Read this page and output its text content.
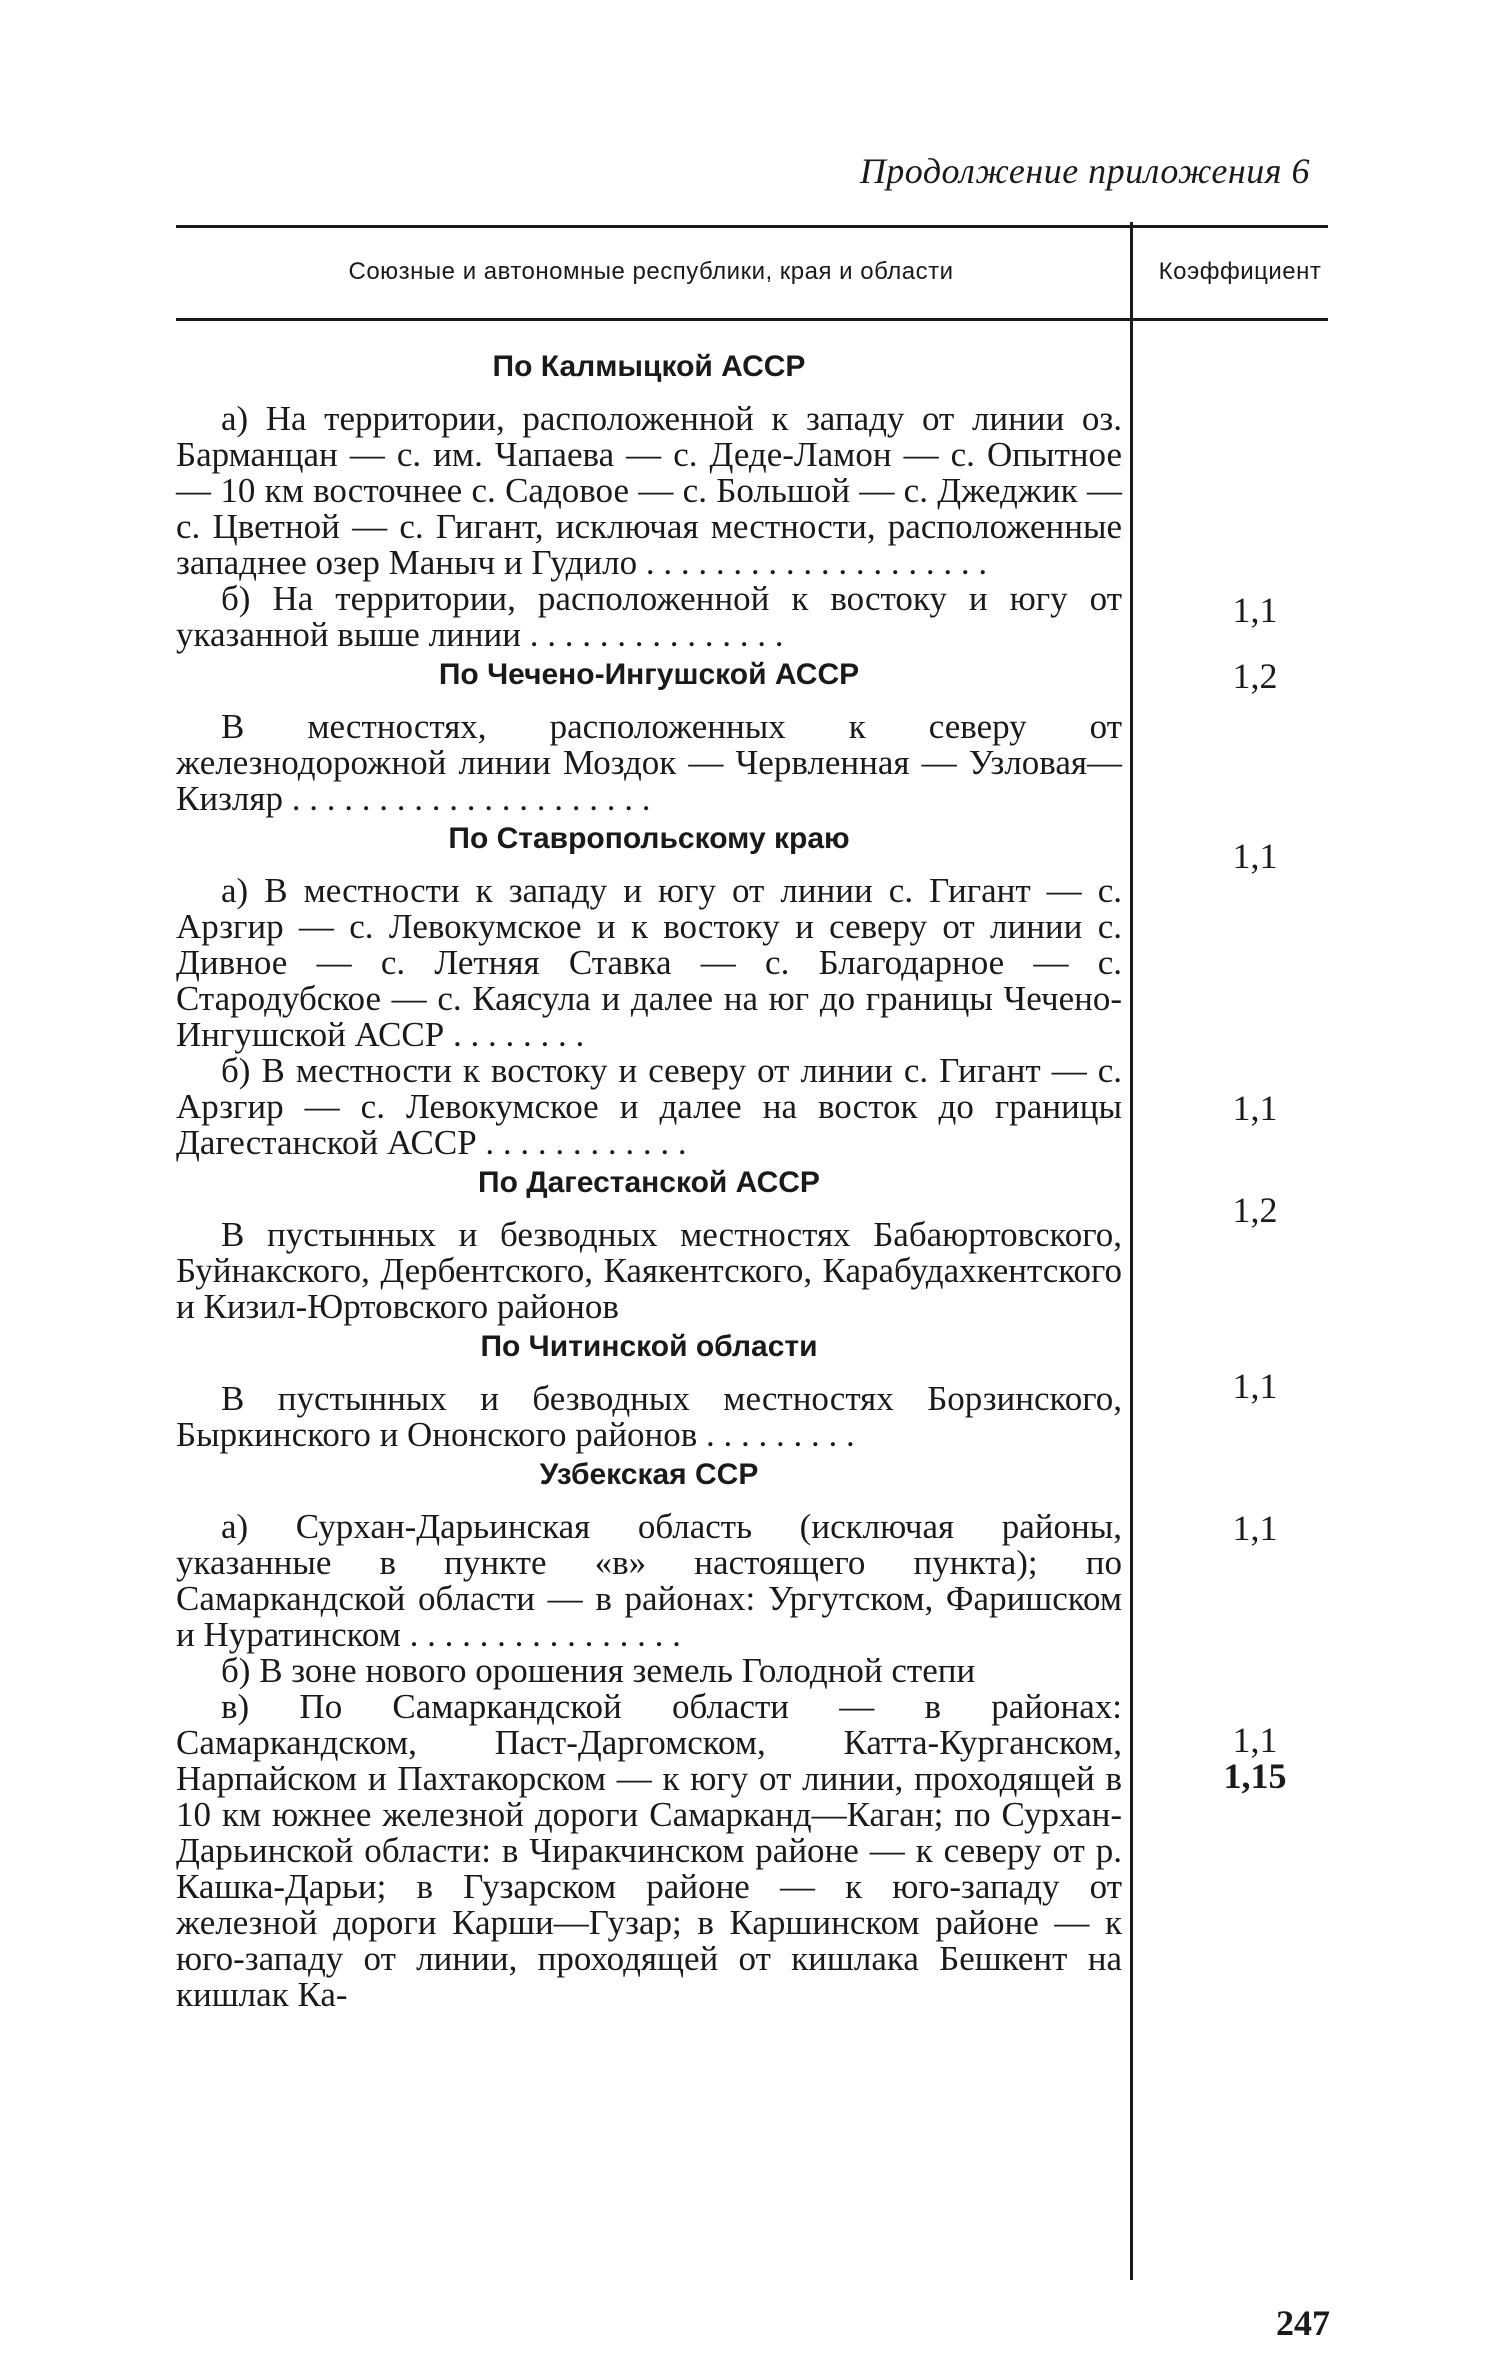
Продолжение приложения 6
Союзные и автономные республики, края и области	Коэффициент
По Калмыцкой АССР

а) На территории, расположенной к западу от линии оз. Барманцан — с. им. Чапаева — с. Деде-Ламон — с. Опытное — 10 км восточнее с. Садовое — с. Большой — с. Джеджик — с. Цветной — с. Гигант, исключая местности, расположенные западнее озер Маныч и Гудило . . . . . . . . . . . . . . . . . . . .

б) На территории, расположенной к востоку и югу от указанной выше линии . . . . . . . . . . . . . . .

По Чечено-Ингушской АССР

В местностях, расположенных к северу от железнодорожной линии Моздок — Червленная — Узловая—Кизляр . . . . . . . . . . . . . . . . . . . . .

По Ставропольскому краю

а) В местности к западу и югу от линии с. Гигант — с. Арзгир — с. Левокумское и к востоку и северу от линии с. Дивное — с. Летняя Ставка — с. Благодарное — с. Стародубское — с. Каясула и далее на юг до границы Чечено-Ингушской АССР . . . . . . . .

б) В местности к востоку и северу от линии с. Гигант — с. Арзгир — с. Левокумское и далее на восток до границы Дагестанской АССР . . . . . . . . . . . .

По Дагестанской АССР

В пустынных и безводных местностях Бабаюртовского, Буйнакского, Дербентского, Каякентского, Карабудахкентского и Кизил-Юртовского районов

По Читинской области

В пустынных и безводных местностях Борзинского, Быркинского и Ононского районов . . . . . . . . .

Узбекская ССР

а) Сурхан-Дарьинская область (исключая районы, указанные в пункте «в» настоящего пункта); по Самаркандской области — в районах: Ургутском, Фаришском и Нуратинском . . . . . . . . . . . . . . . .

б) В зоне нового орошения земель Голодной степи

в) По Самаркандской области — в районах: Самаркандском, Паст-Даргомском, Катта-Курганском, Нарпайском и Пахтакорском — к югу от линии, проходящей в 10 км южнее железной дороги Самарканд—Каган; по Сурхан-Дарьинской области: в Чиракчинском районе — к северу от р. Кашка-Дарьи; в Гузарском районе — к юго-западу от железной дороги Карши—Гузар; в Каршинском районе — к юго-западу от линии, проходящей от кишлака Бешкент на кишлак Ка-

1,1
1,2
1,1
1,1
1,2
1,1
1,1
1,1
1,15
247
